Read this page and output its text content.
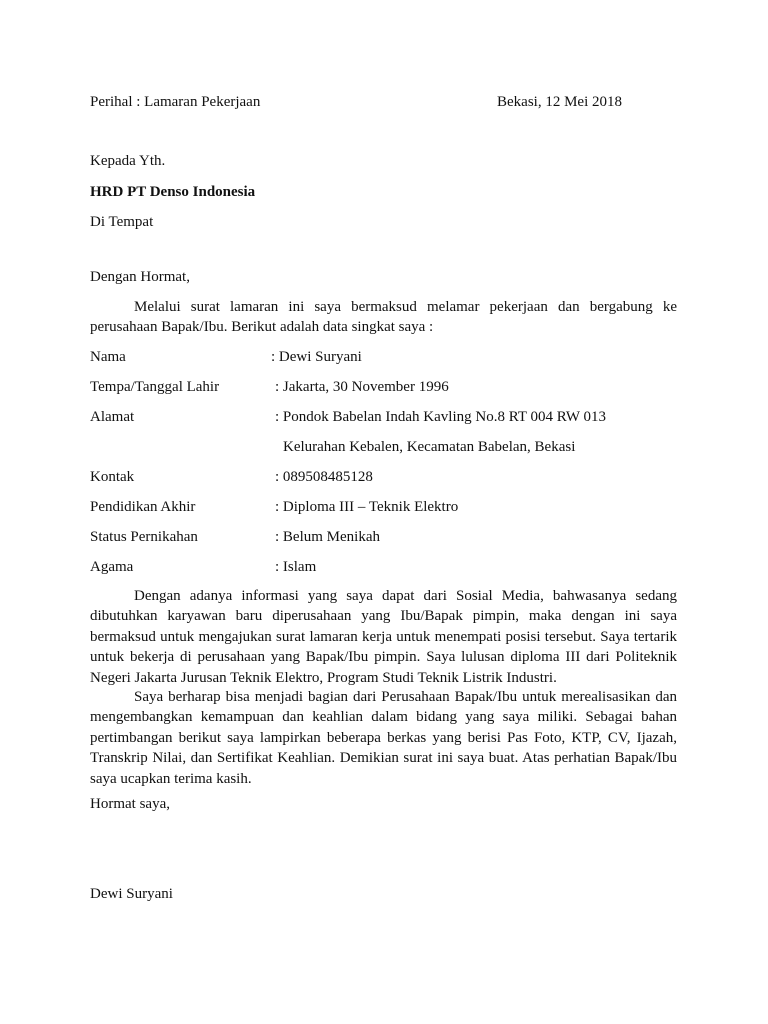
Perihal : Lamaran Pekerjaan	Bekasi, 12 Mei 2018
Kepada Yth.
HRD PT Denso Indonesia
Di Tempat
Dengan Hormat,
Melalui surat lamaran ini saya bermaksud melamar pekerjaan dan bergabung ke perusahaan Bapak/Ibu. Berikut adalah data singkat saya :
Nama	: Dewi Suryani
Tempa/Tanggal Lahir	: Jakarta, 30 November 1996
Alamat	: Pondok Babelan Indah Kavling No.8 RT 004 RW 013
Kelurahan Kebalen, Kecamatan Babelan, Bekasi
Kontak	: 089508485128
Pendidikan Akhir	: Diploma III – Teknik Elektro
Status Pernikahan	: Belum Menikah
Agama	: Islam
Dengan adanya informasi yang saya dapat dari Sosial Media, bahwasanya sedang dibutuhkan karyawan baru diperusahaan yang Ibu/Bapak pimpin, maka dengan ini saya bermaksud untuk mengajukan surat lamaran kerja untuk menempati posisi tersebut. Saya tertarik untuk bekerja di perusahaan yang Bapak/Ibu pimpin. Saya lulusan diploma III dari Politeknik Negeri Jakarta Jurusan Teknik Elektro, Program Studi Teknik Listrik Industri.
Saya berharap bisa menjadi bagian dari Perusahaan Bapak/Ibu untuk merealisasikan dan mengembangkan kemampuan dan keahlian dalam bidang yang saya miliki. Sebagai bahan pertimbangan berikut saya lampirkan beberapa berkas yang berisi Pas Foto, KTP, CV, Ijazah, Transkrip Nilai, dan Sertifikat Keahlian. Demikian surat ini saya buat. Atas perhatian Bapak/Ibu saya ucapkan terima kasih.
Hormat saya,
Dewi Suryani
